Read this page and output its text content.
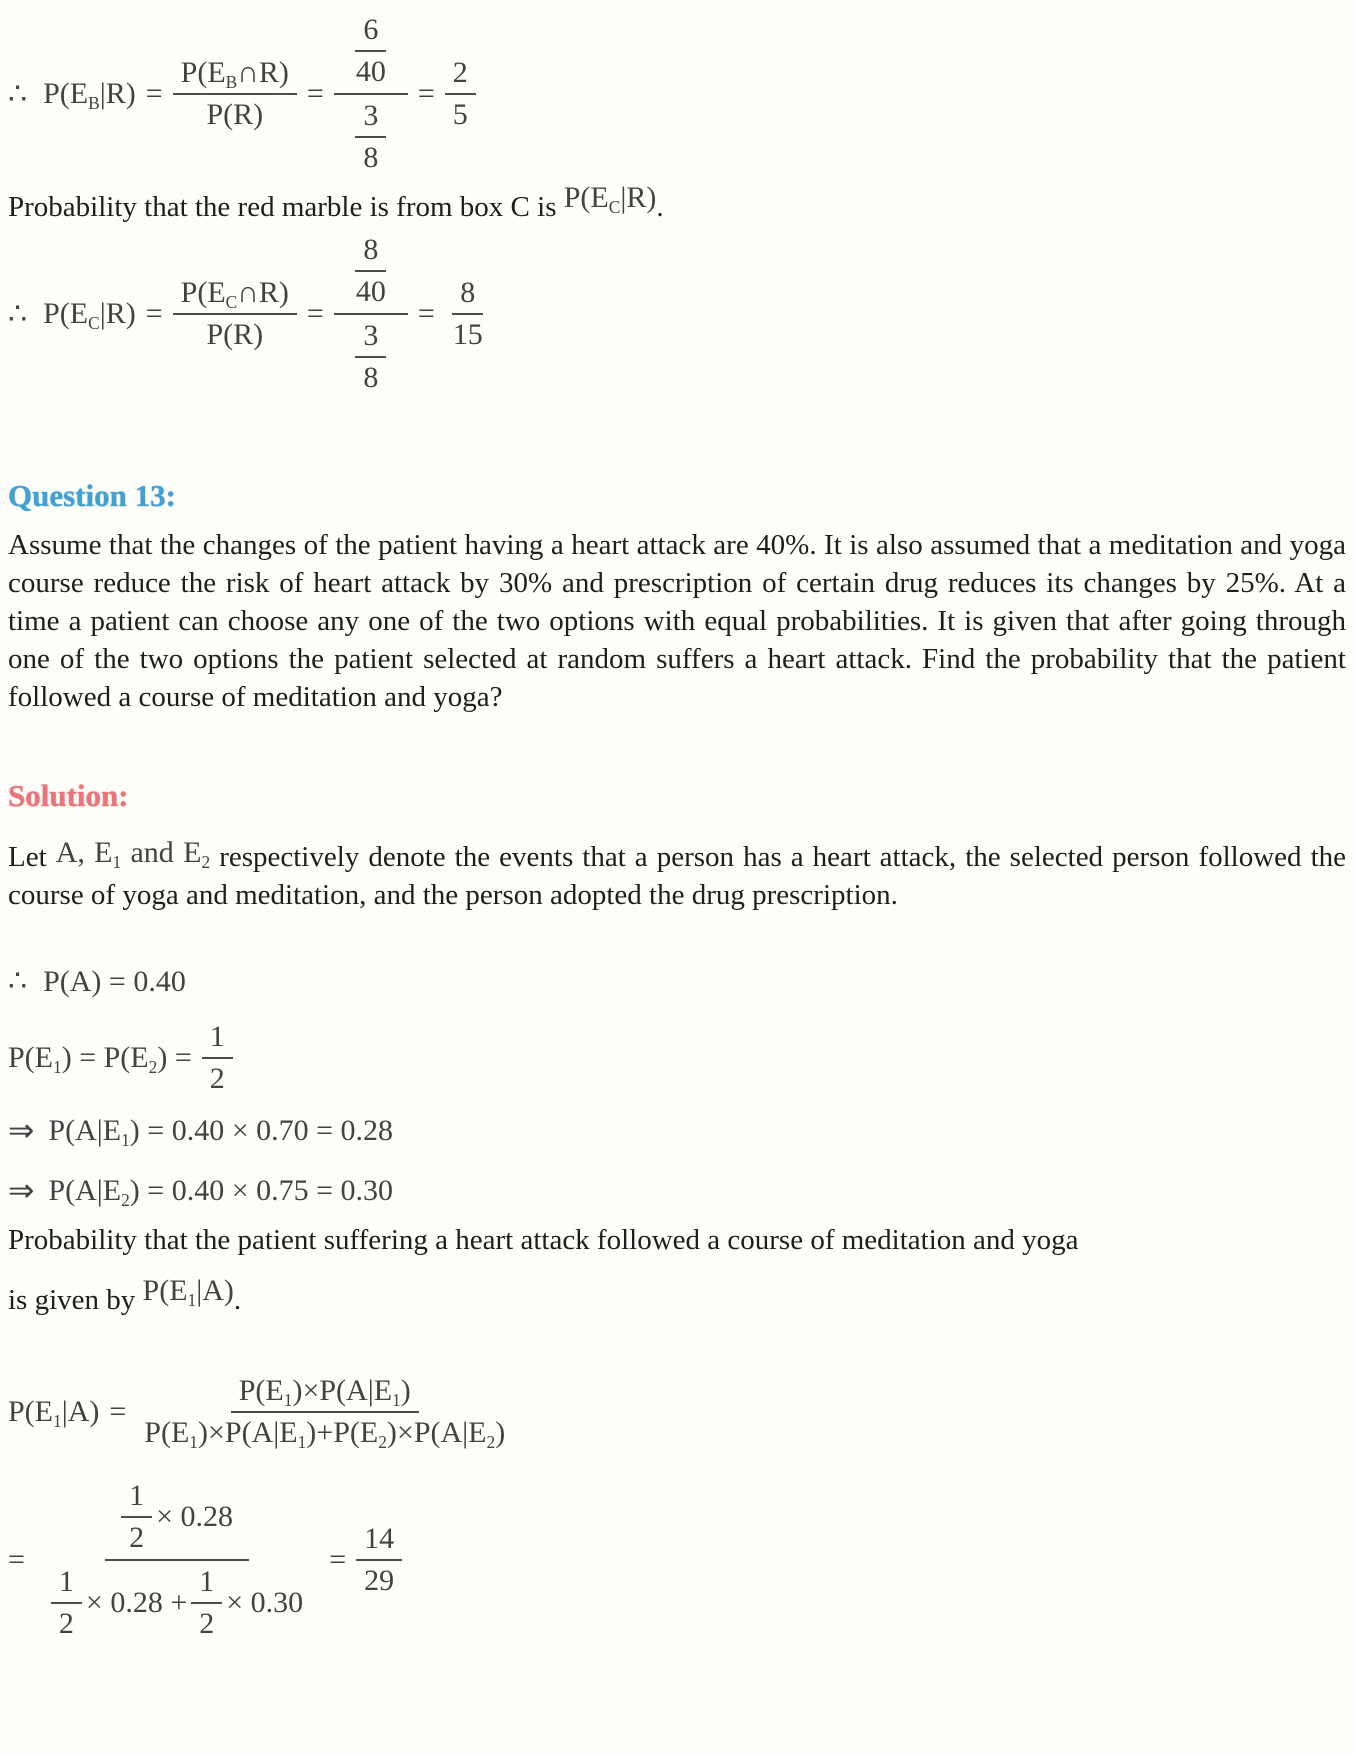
∴ $P(E_B|R) = \frac{P(E_B\cap R)}{P(R)} = \frac{\frac{6}{40}}{\frac{3}{8}} = \frac{2}{5}$

Probability that the red marble is from box C is $P(E_C|R)$.

∴ $P(E_C|R) = \frac{P(E_C\cap R)}{P(R)} = \frac{\frac{8}{40}}{\frac{3}{8}} = \frac{8}{15}$
Question 13:

Assume that the changes of the patient having a heart attack are 40%. It is also assumed that a meditation and yoga course reduce the risk of heart attack by 30% and prescription of certain drug reduces its changes by 25%. At a time a patient can choose any one of the two options with equal probabilities. It is given that after going through one of the two options the patient selected at random suffers a heart attack. Find the probability that the patient followed a course of meditation and yoga?

Solution:

Let A, $E_1$ and $E_2$ respectively denote the events that a person has a heart attack, the selected person followed the course of yoga and meditation, and the person adopted the drug prescription.

∴ P(A) = 0.40
$P(E_1) = P(E_2) = \frac{1}{2}$
⇒ $P(A|E_1) = 0.40 \times 0.70 = 0.28$
⇒ $P(A|E_2) = 0.40 \times 0.75 = 0.30$

Probability that the patient suffering a heart attack followed a course of meditation and yoga

is given by $P(E_1|A)$.

$P(E_1|A) = \frac{P(E_1)\times P(A|E_1)}{P(E_1)\times P(A|E_1)+P(E_2)\times P(A|E_2)}$
= $\frac{\frac{1}{2} \times 0.28}{\frac{1}{2} \times 0.28 + \frac{1}{2} \times 0.30} = \frac{14}{29}$
